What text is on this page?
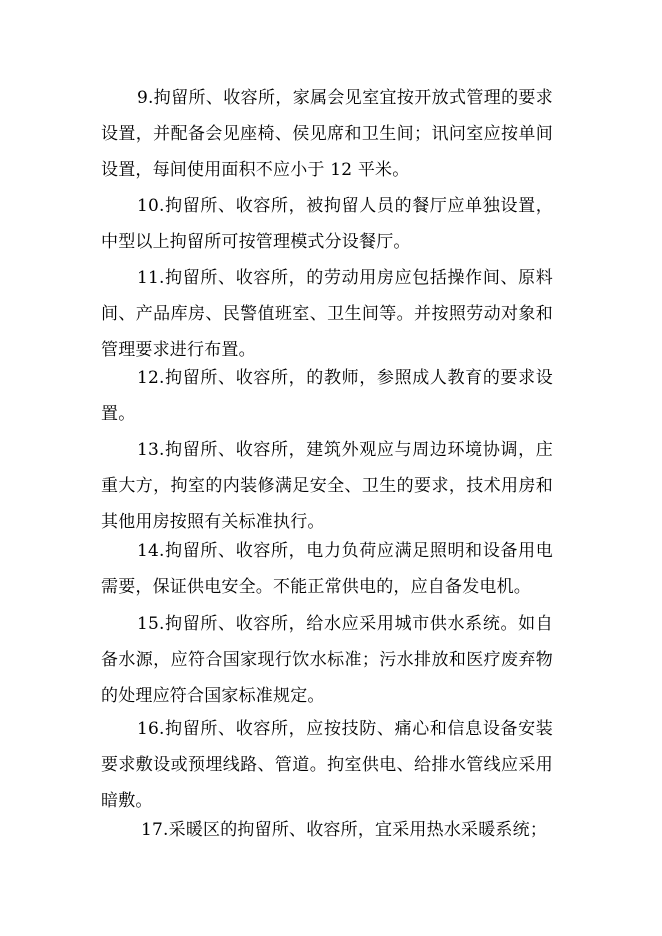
9.拘留所、收容所，家属会见室宜按开放式管理的要求设置，并配备会见座椅、侯见席和卫生间；讯问室应按单间设置，每间使用面积不应小于 12 平米。

10.拘留所、收容所，被拘留人员的餐厅应单独设置，中型以上拘留所可按管理模式分设餐厅。

11.拘留所、收容所，的劳动用房应包括操作间、原料间、产品库房、民警值班室、卫生间等。并按照劳动对象和管理要求进行布置。

12.拘留所、收容所，的教师，参照成人教育的要求设置。

13.拘留所、收容所，建筑外观应与周边环境协调，庄重大方，拘室的内装修满足安全、卫生的要求，技术用房和其他用房按照有关标准执行。

14.拘留所、收容所，电力负荷应满足照明和设备用电需要，保证供电安全。不能正常供电的，应自备发电机。

15.拘留所、收容所，给水应采用城市供水系统。如自备水源，应符合国家现行饮水标准；污水排放和医疗废弃物的处理应符合国家标准规定。

16.拘留所、收容所，应按技防、痛心和信息设备安装要求敷设或预埋线路、管道。拘室供电、给排水管线应采用暗敷。

17.采暖区的拘留所、收容所，宜采用热水采暖系统；
